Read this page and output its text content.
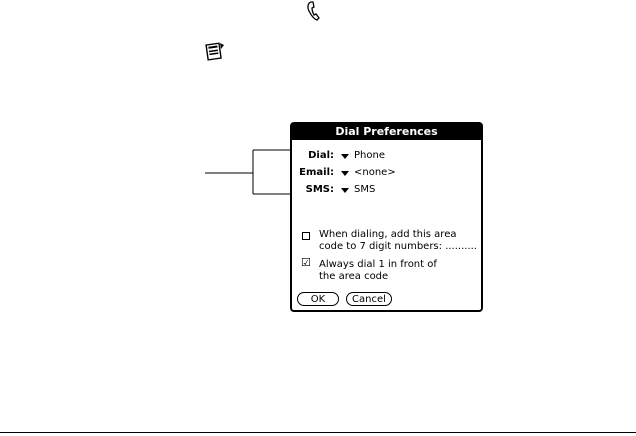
Dial Preferences
Dial: Phone
Email: <none>
SMS: SMS
When dialing, add this area
code to 7 digit numbers: ..........
☑ Always dial 1 in front of
the area code
OK	Cancel
